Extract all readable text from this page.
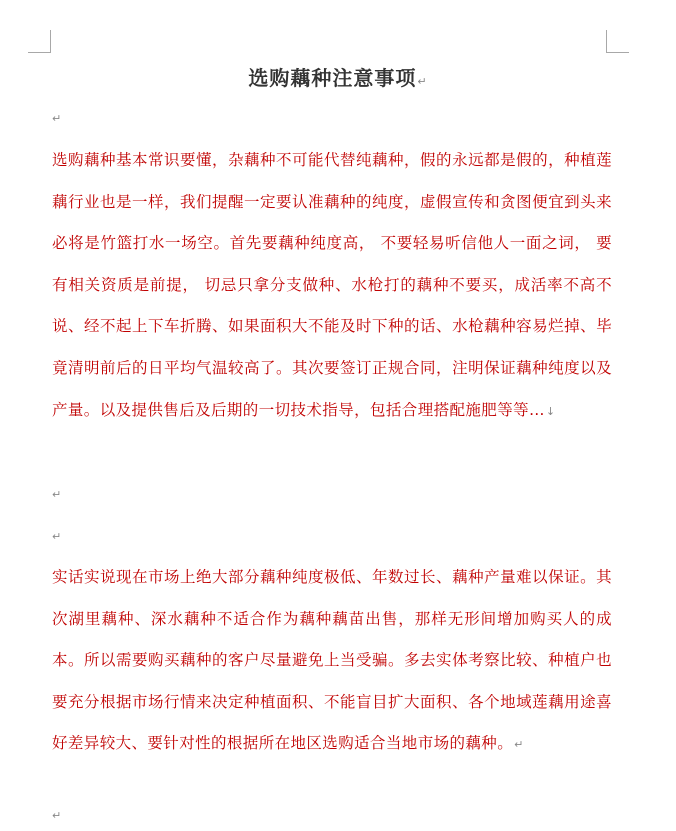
选购藕种注意事项↵
↵

选购藕种基本常识要懂，杂藕种不可能代替纯藕种，假的永远都是假的，种植莲藕行业也是一样，我们提醒一定要认准藕种的纯度，虚假宣传和贪图便宜到头来必将是竹篮打水一场空。首先要藕种纯度高， 不要轻易听信他人一面之词， 要有相关资质是前提， 切忌只拿分支做种、水枪打的藕种不要买，成活率不高不说、经不起上下车折腾、如果面积大不能及时下种的话、水枪藕种容易烂掉、毕竟清明前后的日平均气温较高了。其次要签订正规合同，注明保证藕种纯度以及产量。以及提供售后及后期的一切技术指导，包括合理搭配施肥等等…↓

↵
↵

实话实说现在市场上绝大部分藕种纯度极低、年数过长、藕种产量难以保证。其次湖里藕种、深水藕种不适合作为藕种藕苗出售，那样无形间增加购买人的成本。所以需要购买藕种的客户尽量避免上当受骗。多去实体考察比较、种植户也要充分根据市场行情来决定种植面积、不能盲目扩大面积、各个地域莲藕用途喜好差异较大、要针对性的根据所在地区选购适合当地市场的藕种。↵

↵
